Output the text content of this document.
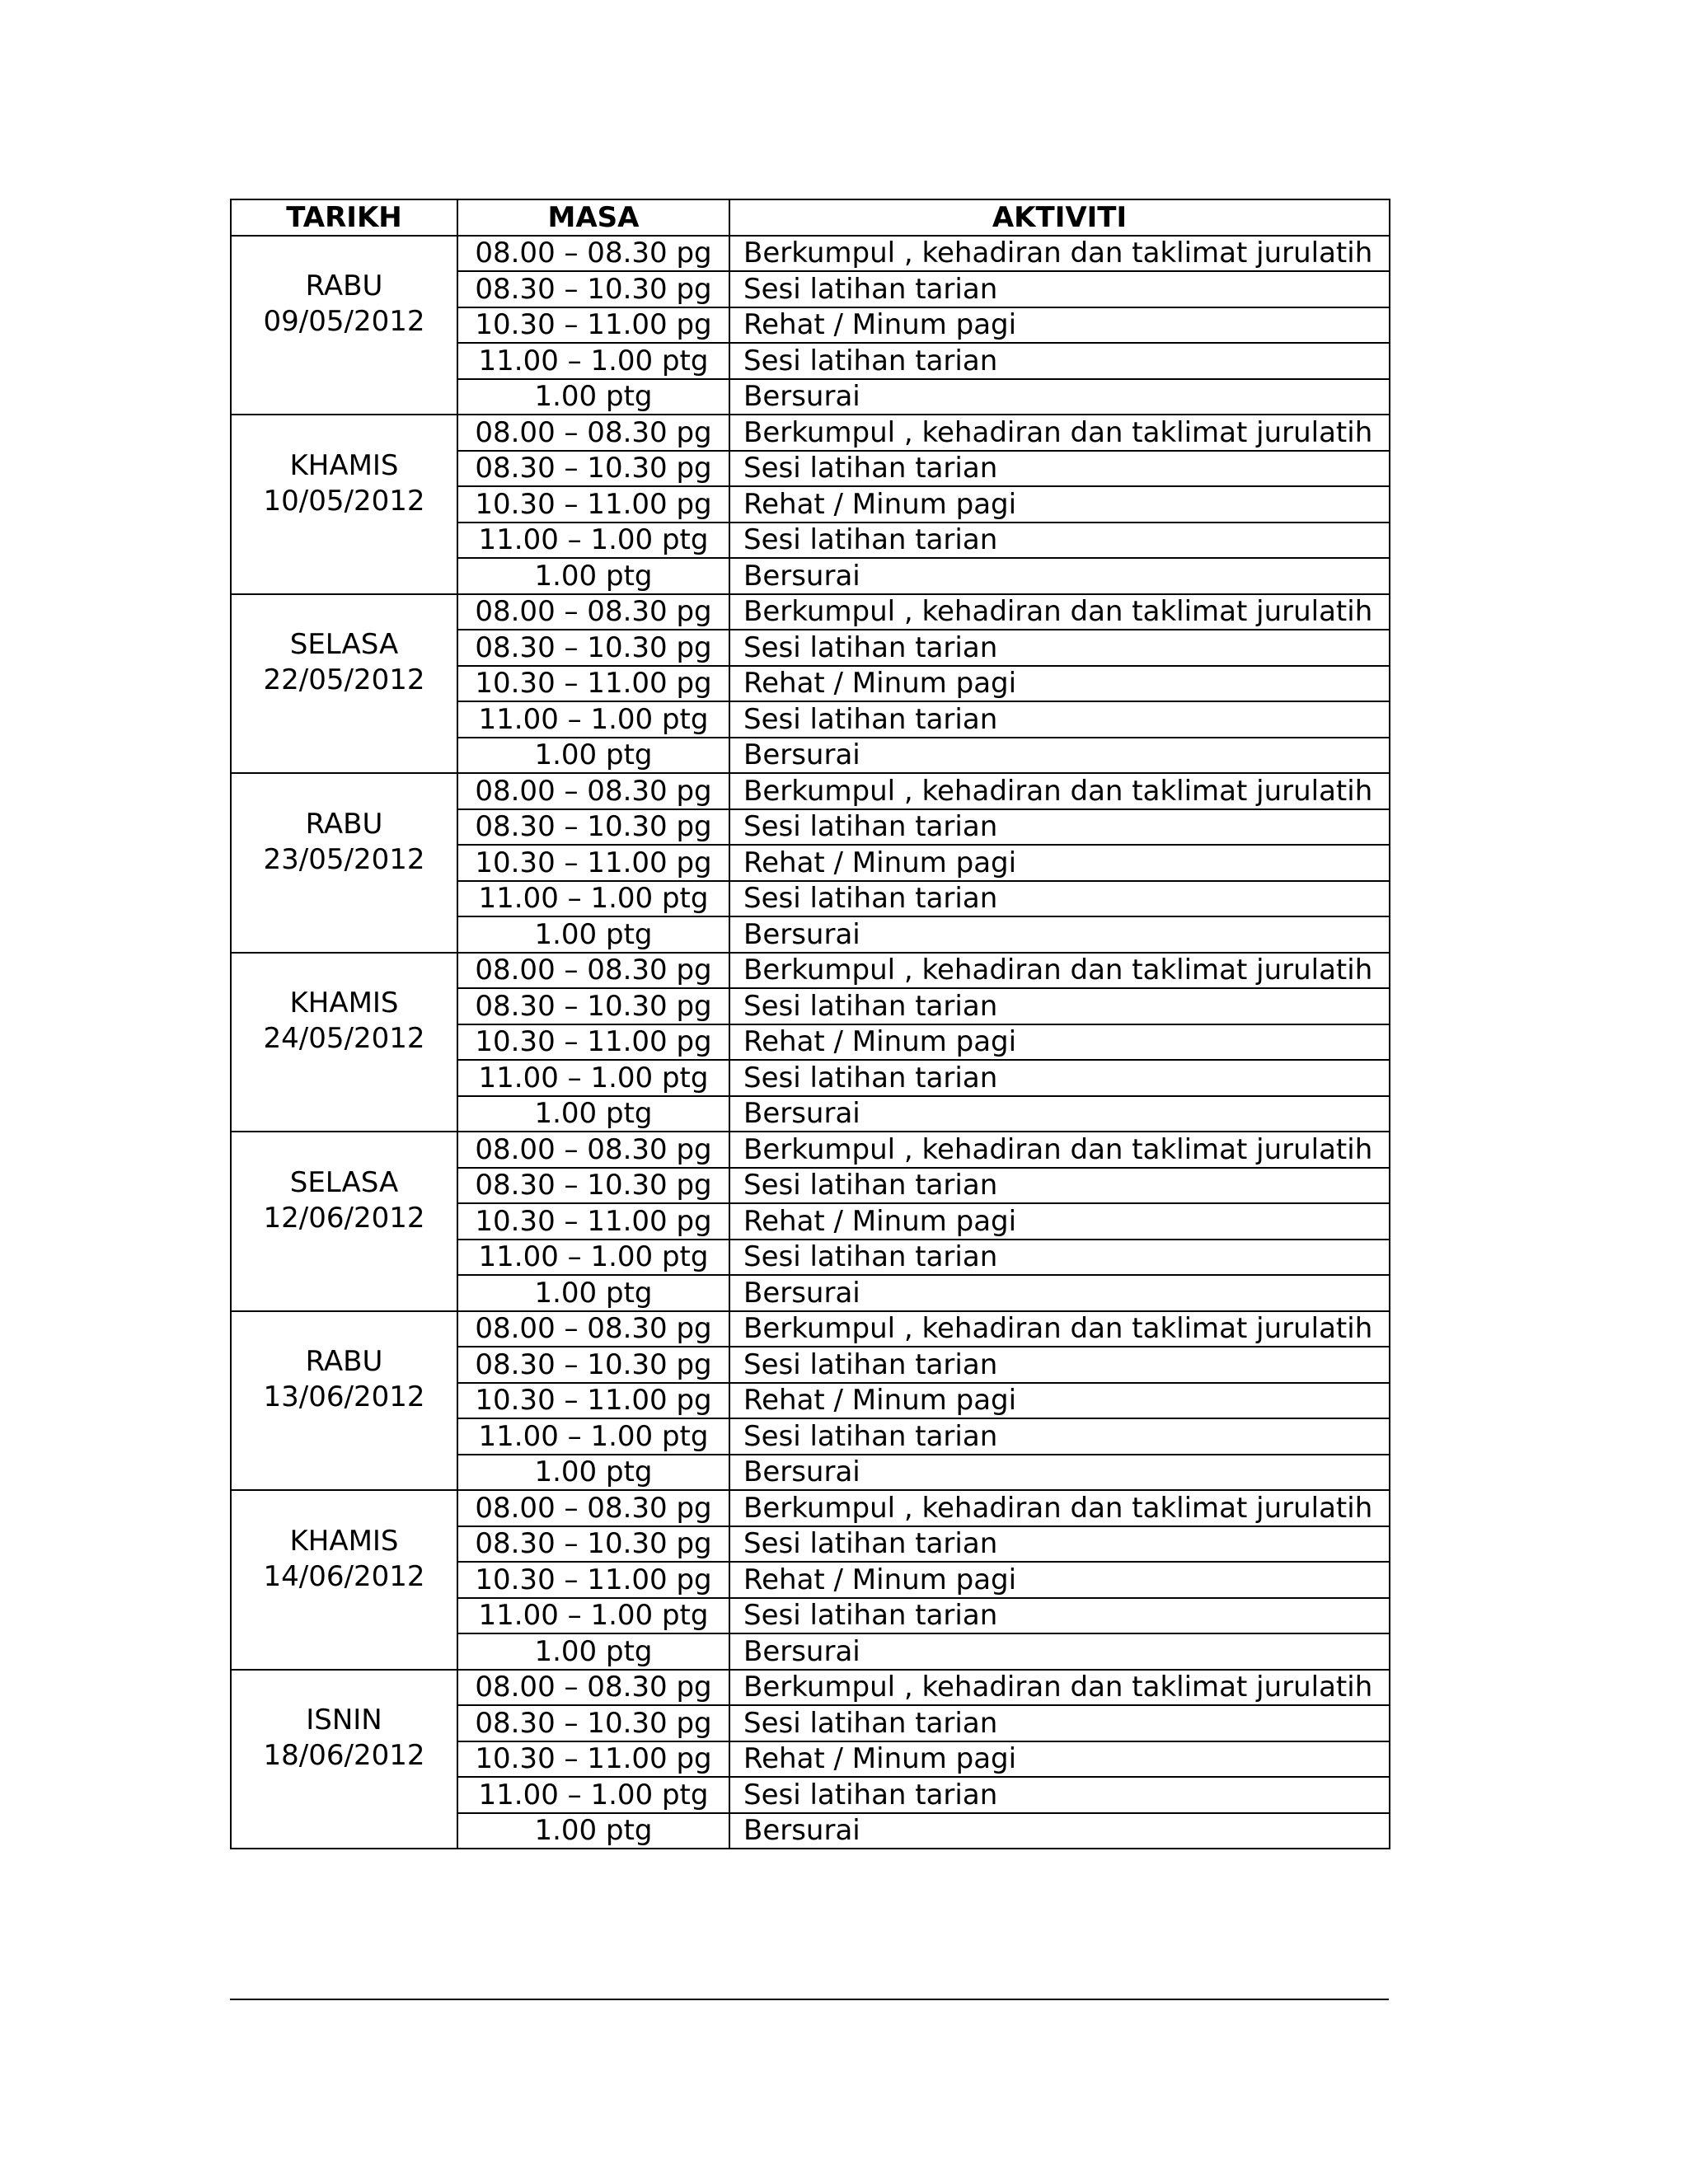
TARIKH	MASA	AKTIVITI

RABU
09/05/2012	08.00 – 08.30 pg	Berkumpul , kehadiran dan taklimat jurulatih
	08.30 – 10.30 pg	Sesi latihan tarian
	10.30 – 11.00 pg	Rehat / Minum pagi
	11.00 – 1.00 ptg	Sesi latihan tarian
	1.00 ptg	Bersurai

KHAMIS
10/05/2012	08.00 – 08.30 pg	Berkumpul , kehadiran dan taklimat jurulatih
	08.30 – 10.30 pg	Sesi latihan tarian
	10.30 – 11.00 pg	Rehat / Minum pagi
	11.00 – 1.00 ptg	Sesi latihan tarian
	1.00 ptg	Bersurai

SELASA
22/05/2012	08.00 – 08.30 pg	Berkumpul , kehadiran dan taklimat jurulatih
	08.30 – 10.30 pg	Sesi latihan tarian
	10.30 – 11.00 pg	Rehat / Minum pagi
	11.00 – 1.00 ptg	Sesi latihan tarian
	1.00 ptg	Bersurai

RABU
23/05/2012	08.00 – 08.30 pg	Berkumpul , kehadiran dan taklimat jurulatih
	08.30 – 10.30 pg	Sesi latihan tarian
	10.30 – 11.00 pg	Rehat / Minum pagi
	11.00 – 1.00 ptg	Sesi latihan tarian
	1.00 ptg	Bersurai

KHAMIS
24/05/2012	08.00 – 08.30 pg	Berkumpul , kehadiran dan taklimat jurulatih
	08.30 – 10.30 pg	Sesi latihan tarian
	10.30 – 11.00 pg	Rehat / Minum pagi
	11.00 – 1.00 ptg	Sesi latihan tarian
	1.00 ptg	Bersurai

SELASA
12/06/2012	08.00 – 08.30 pg	Berkumpul , kehadiran dan taklimat jurulatih
	08.30 – 10.30 pg	Sesi latihan tarian
	10.30 – 11.00 pg	Rehat / Minum pagi
	11.00 – 1.00 ptg	Sesi latihan tarian
	1.00 ptg	Bersurai

RABU
13/06/2012	08.00 – 08.30 pg	Berkumpul , kehadiran dan taklimat jurulatih
	08.30 – 10.30 pg	Sesi latihan tarian
	10.30 – 11.00 pg	Rehat / Minum pagi
	11.00 – 1.00 ptg	Sesi latihan tarian
	1.00 ptg	Bersurai

KHAMIS
14/06/2012	08.00 – 08.30 pg	Berkumpul , kehadiran dan taklimat jurulatih
	08.30 – 10.30 pg	Sesi latihan tarian
	10.30 – 11.00 pg	Rehat / Minum pagi
	11.00 – 1.00 ptg	Sesi latihan tarian
	1.00 ptg	Bersurai

ISNIN
18/06/2012	08.00 – 08.30 pg	Berkumpul , kehadiran dan taklimat jurulatih
	08.30 – 10.30 pg	Sesi latihan tarian
	10.30 – 11.00 pg	Rehat / Minum pagi
	11.00 – 1.00 ptg	Sesi latihan tarian
	1.00 ptg	Bersurai
